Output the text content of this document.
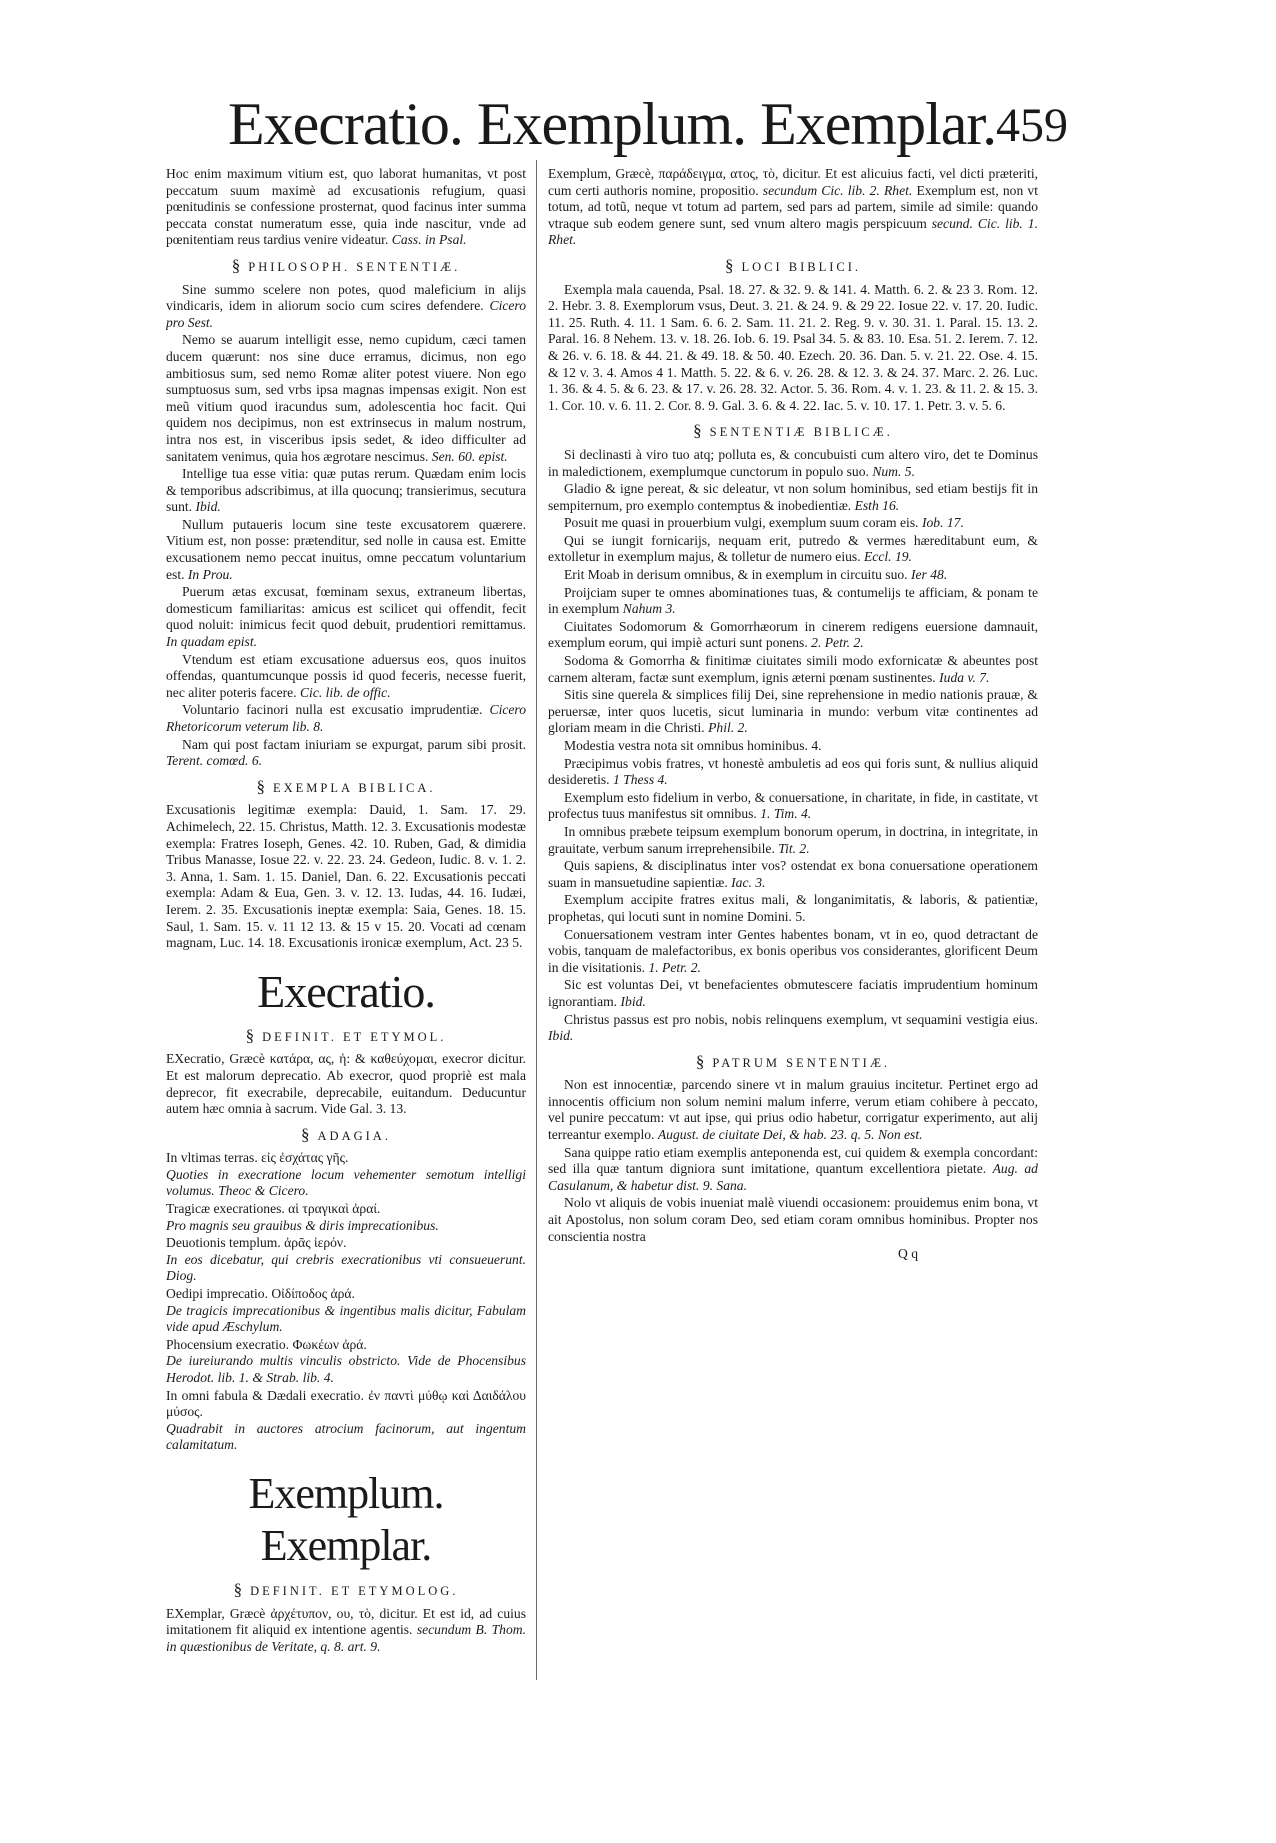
Execratio. Exemplum. Exemplar. 459

Hoc enim maximum vitium est, quo laborat humanitas, vt post peccatum suum maximè ad excusationis refugium, quasi pœnitudinis se confessione prosternat, quod facinus inter summa peccata constat numeratum esse, quia inde nascitur, vnde ad pœnitentiam reus tardius venire videatur. Cass. in Psal.

§ PHILOSOPH. SENTENTIÆ.

Sine summo scelere non potes, quod maleficium in alijs vindicaris, idem in aliorum socio cum scires defendere. Cicero pro Sest.

Nemo se auarum intelligit esse, nemo cupidum, cæci tamen ducem quærunt: nos sine duce erramus, dicimus, non ego ambitiosus sum, sed nemo Romæ aliter potest viuere. Non ego sumptuosus sum, sed vrbs ipsa magnas impensas exigit. Non est meũ vitium quod iracundus sum, adolescentia hoc facit. Qui quidem nos decipimus, non est extrinsecus in malum nostrum, intra nos est, in visceribus ipsis sedet, & ideo difficulter ad sanitatem venimus, quia hos ægrotare nescimus. Sen. 60. epist.

Intellige tua esse vitia: quæ putas rerum. Quædam enim locis & temporibus adscribimus, at illa quocunq; transierimus, secutura sunt. Ibid.

Nullum putaueris locum sine teste excusatorem quærere. Vitium est, non posse: prætenditur, sed nolle in causa est. Emitte excusationem nemo peccat inuitus, omne peccatum voluntarium est. In Prou.

Puerum ætas excusat, fœminam sexus, extraneum libertas, domesticum familiaritas: amicus est scilicet qui offendit, fecit quod noluit: inimicus fecit quod debuit, prudentiori remittamus. In quadam epist.

Vtendum est etiam excusatione aduersus eos, quos inuitos offendas, quantumcunque possis id quod feceris, necesse fuerit, nec aliter poteris facere. Cic. lib. de offic.

Voluntario facinori nulla est excusatio imprudentiæ. Cicero Rhetoricorum veterum lib. 8.

Nam qui post factam iniuriam se expurgat, parum sibi prosit. Terent. comœd. 6.

§ EXEMPLA BIBLICA.

Excusationis legitimæ exempla: Dauid, 1. Sam. 17. 29. Achimelech, 22. 15. Christus, Matth. 12. 3. Excusationis modestæ exempla: Fratres Ioseph, Genes. 42. 10. Ruben, Gad, & dimidia Tribus Manasse, Iosue 22. v. 22. 23. 24. Gedeon, Iudic. 8. v. 1. 2. 3. Anna, 1. Sam. 1. 15. Daniel, Dan. 6. 22. Excusationis peccati exempla: Adam & Eua, Gen. 3. v. 12. 13. Iudas, 44. 16. Iudæi, Ierem. 2. 35. Excusationis ineptæ exempla: Saia, Genes. 18. 15. Saul, 1. Sam. 15. v. 11 12 13. & 15 v 15. 20. Vocati ad cœnam magnam, Luc. 14. 18. Excusationis ironicæ exemplum, Act. 23 5.

Execratio.
§ DEFINIT. ET ETYMOL.

EXecratio, Græcè κατάρα, ας, ἡ: & καθεύχομαι, execror dicitur. Et est malorum deprecatio. Ab execror, quod propriè est mala deprecor, fit execrabile, deprecabile, euitandum. Deducuntur autem hæc omnia à sacrum. Vide Gal. 3. 13.

§ ADAGIA.

In vltimas terras. εἰς ἐσχάτας γῆς.
Quoties in execratione locum vehementer semotum intelligi volumus. Theoc & Cicero.

Tragicæ execrationes. αἱ τραγικαὶ ἀραί.
Pro magnis seu grauibus & diris imprecationibus.

Deuotionis templum. ἀρᾶς ἱερόν.
In eos dicebatur, qui crebris execrationibus vti consueuerunt. Diog.

Oedipi imprecatio. Οἰδίποδος ἀρά.
De tragicis imprecationibus & ingentibus malis dicitur, Fabulam vide apud Æschylum.

Phocensium execratio. Φωκέων ἀρά.
De iureiurando multis vinculis obstricto. Vide de Phocensibus Herodot. lib. 1. & Strab. lib. 4.

In omni fabula & Dædali execratio. ἐν παντὶ μύθῳ καὶ Δαιδάλου μύσος.
Quadrabit in auctores atrocium facinorum, aut ingentum calamitatum.

Exemplum. Exemplar.
§ DEFINIT. ET ETYMOLOG.

EXemplar, Græcè ἀρχέτυπον, ου, τὸ, dicitur. Et est id, ad cuius imitationem fit aliquid ex intentione agentis. secundum B. Thom. in quæstionibus de Veritate, q. 8. art. 9.

Exemplum, Græcè, παράδειγμα, ατος, τὸ, dicitur. Et est alicuius facti, vel dicti præteriti, cum certi authoris nomine, propositio. secundum Cic. lib. 2. Rhet. Exemplum est, non vt totum, ad totũ, neque vt totum ad partem, sed pars ad partem, simile ad simile: quando vtraque sub eodem genere sunt, sed vnum altero magis perspicuum secund. Cic. lib. 1. Rhet.

§ LOCI BIBLICI.

Exempla mala cauenda, Psal. 18. 27. & 32. 9. & 141. 4. Matth. 6. 2. & 23 3. Rom. 12. 2. Hebr. 3. 8. Exemplorum vsus, Deut. 3. 21. & 24. 9. & 29 22. Iosue 22. v. 17. 20. Iudic. 11. 25. Ruth. 4. 11. 1 Sam. 6. 6. 2. Sam. 11. 21. 2. Reg. 9. v. 30. 31. 1. Paral. 15. 13. 2. Paral. 16. 8 Nehem. 13. v. 18. 26. Iob. 6. 19. Psal 34. 5. & 83. 10. Esa. 51. 2. Ierem. 7. 12. & 26. v. 6. 18. & 44. 21. & 49. 18. & 50. 40. Ezech. 20. 36. Dan. 5. v. 21. 22. Ose. 4. 15. & 12 v. 3. 4. Amos 4 1. Matth. 5. 22. & 6. v. 26. 28. & 12. 3. & 24. 37. Marc. 2. 26. Luc. 1. 36. & 4. 5. & 6. 23. & 17. v. 26. 28. 32. Actor. 5. 36. Rom. 4. v. 1. 23. & 11. 2. & 15. 3. 1. Cor. 10. v. 6. 11. 2. Cor. 8. 9. Gal. 3. 6. & 4. 22. Iac. 5. v. 10. 17. 1. Petr. 3. v. 5. 6.

§ SENTENTIÆ BIBLICÆ.

Si declinasti à viro tuo atq; polluta es, & concubuisti cum altero viro, det te Dominus in maledictionem, exemplumque cunctorum in populo suo. Num. 5.

Gladio & igne pereat, & sic deleatur, vt non solum hominibus, sed etiam bestijs fit in sempiternum, pro exemplo contemptus & inobedientiæ. Esth 16.

Posuit me quasi in prouerbium vulgi, exemplum suum coram eis. Iob. 17.

Qui se iungit fornicarijs, nequam erit, putredo & vermes hæreditabunt eum, & extolletur in exemplum majus, & tolletur de numero eius. Eccl. 19.

Erit Moab in derisum omnibus, & in exemplum in circuitu suo. Ier 48.

Proijciam super te omnes abominationes tuas, & contumelijs te afficiam, & ponam te in exemplum Nahum 3.

Ciuitates Sodomorum & Gomorrhæorum in cinerem redigens euersione damnauit, exemplum eorum, qui impiè acturi sunt ponens. 2. Petr. 2.

Sodoma & Gomorrha & finitimæ ciuitates simili modo exfornicatæ & abeuntes post carnem alteram, factæ sunt exemplum, ignis æterni pœnam sustinentes. Iuda v. 7.

Sitis sine querela & simplices filij Dei, sine reprehensione in medio nationis prauæ, & peruersæ, inter quos lucetis, sicut luminaria in mundo: verbum vitæ continentes ad gloriam meam in die Christi. Phil. 2.

Modestia vestra nota sit omnibus hominibus. 4.

Præcipimus vobis fratres, vt honestè ambuletis ad eos qui foris sunt, & nullius aliquid desideretis. 1 Thess 4.

Exemplum esto fidelium in verbo, & conuersatione, in charitate, in fide, in castitate, vt profectus tuus manifestus sit omnibus. 1. Tim. 4.

In omnibus præbete teipsum exemplum bonorum operum, in doctrina, in integritate, in grauitate, verbum sanum irreprehensibile. Tit. 2.

Quis sapiens, & disciplinatus inter vos? ostendat ex bona conuersatione operationem suam in mansuetudine sapientiæ. Iac. 3.

Exemplum accipite fratres exitus mali, & longanimitatis, & laboris, & patientiæ, prophetas, qui locuti sunt in nomine Domini. 5.

Conuersationem vestram inter Gentes habentes bonam, vt in eo, quod detractant de vobis, tanquam de malefactoribus, ex bonis operibus vos considerantes, glorificent Deum in die visitationis. 1. Petr. 2.

Sic est voluntas Dei, vt benefacientes obmutescere faciatis imprudentium hominum ignorantiam. Ibid.

Christus passus est pro nobis, nobis relinquens exemplum, vt sequamini vestigia eius. Ibid.

§ PATRUM SENTENTIÆ.

Non est innocentiæ, parcendo sinere vt in malum grauius incitetur. Pertinet ergo ad innocentis officium non solum nemini malum inferre, verum etiam cohibere à peccato, vel punire peccatum: vt aut ipse, qui prius odio habetur, corrigatur experimento, aut alij terreantur exemplo. August. de ciuitate Dei, & hab. 23. q. 5. Non est.

Sana quippe ratio etiam exemplis anteponenda est, cui quidem & exempla concordant: sed illa quæ tantum digniora sunt imitatione, quantum excellentiora pietate. Aug. ad Casulanum, & habetur dist. 9. Sana.

Nolo vt aliquis de vobis inueniat malè viuendi occasionem: prouidemus enim bona, vt ait Apostolus, non solum coram Deo, sed etiam coram omnibus hominibus. Propter nos conscientia nostra

Q q
